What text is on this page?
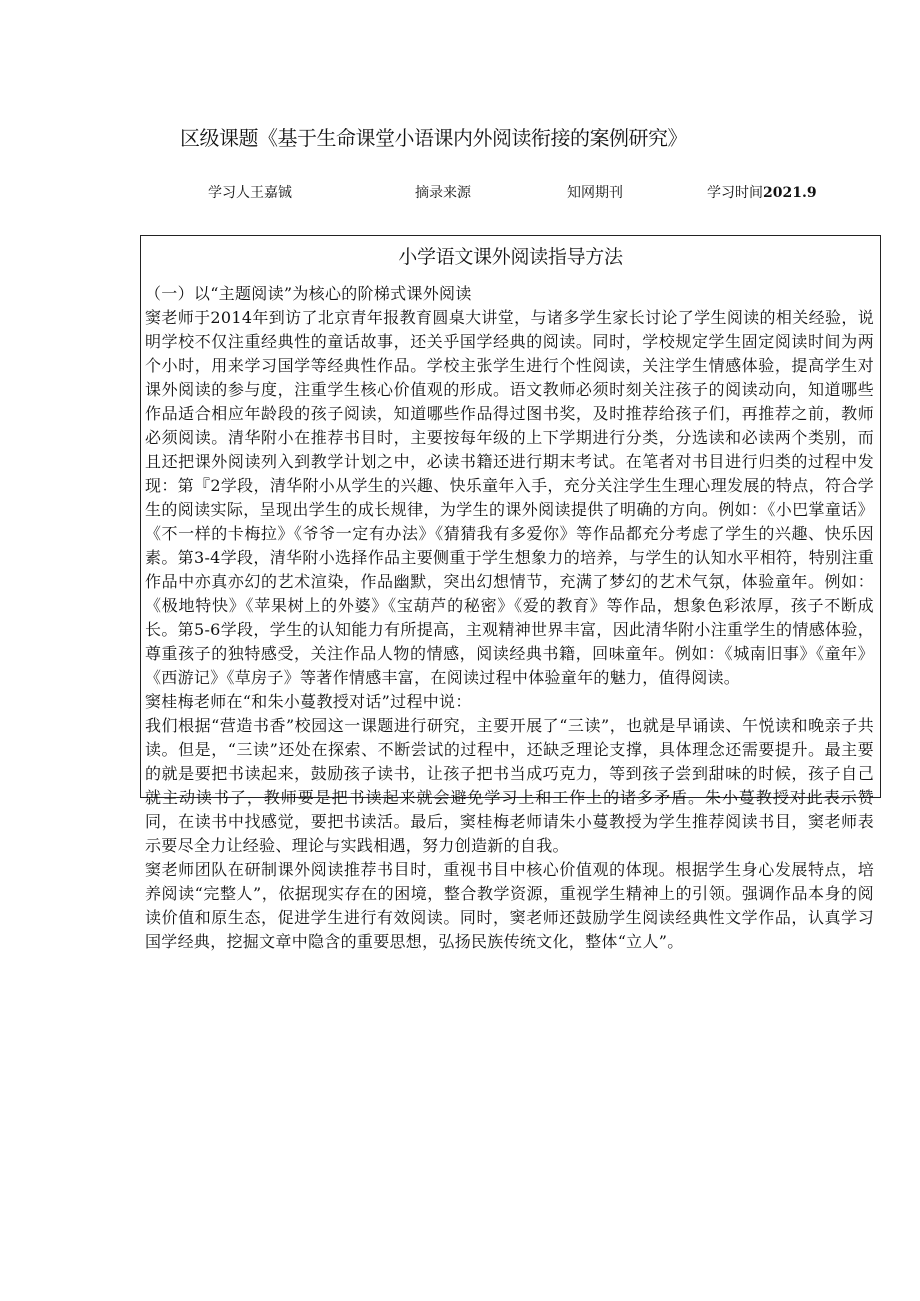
区级课题《基于生命课堂小语课内外阅读衔接的案例研究》
学习人王嘉铖	摘录来源	知网期刊	学习时间2021.9
小学语文课外阅读指导方法

（一）以“主题阅读”为核心的阶梯式课外阅读

窦老师于2014年到访了北京青年报教育圆桌大讲堂，与诸多学生家长讨论了学生阅读的相关经验，说明学校不仅注重经典性的童话故事，还关乎国学经典的阅读。同时，学校规定学生固定阅读时间为两个小时，用来学习国学等经典性作品。学校主张学生进行个性阅读，关注学生情感体验，提高学生对课外阅读的参与度，注重学生核心价值观的形成。语文教师必须时刻关注孩子的阅读动向，知道哪些作品适合相应年龄段的孩子阅读，知道哪些作品得过图书奖，及时推荐给孩子们，再推荐之前，教师必须阅读。清华附小在推荐书目时，主要按每年级的上下学期进行分类，分选读和必读两个类别，而且还把课外阅读列入到教学计划之中，必读书籍还进行期末考试。在笔者对书目进行归类的过程中发现：第『2学段，清华附小从学生的兴趣、快乐童年入手，充分关注学生生理心理发展的特点，符合学生的阅读实际，呈现出学生的成长规律，为学生的课外阅读提供了明确的方向。例如：《小巴掌童话》《不一样的卡梅拉》《爷爷一定有办法》《猜猜我有多爱你》等作品都充分考虑了学生的兴趣、快乐因素。第3-4学段，清华附小选择作品主要侧重于学生想象力的培养，与学生的认知水平相符，特别注重作品中亦真亦幻的艺术渲染，作品幽默，突出幻想情节，充满了梦幻的艺术气氛，体验童年。例如：《极地特快》《苹果树上的外婆》《宝葫芦的秘密》《爱的教育》等作品，想象色彩浓厚，孩子不断成长。第5-6学段，学生的认知能力有所提高，主观精神世界丰富，因此清华附小注重学生的情感体验，尊重孩子的独特感受，关注作品人物的情感，阅读经典书籍，回味童年。例如：《城南旧事》《童年》《西游记》《草房子》等著作情感丰富，在阅读过程中体验童年的魅力，值得阅读。

窦桂梅老师在“和朱小蔓教授对话”过程中说：

我们根据“营造书香”校园这一课题进行研究，主要开展了“三读”，也就是早诵读、午悦读和晚亲子共读。但是，“三读”还处在探索、不断尝试的过程中，还缺乏理论支撑，具体理念还需要提升。最主要的就是要把书读起来，鼓励孩子读书，让孩子把书当成巧克力，等到孩子尝到甜味的时候，孩子自己就主动读书了，教师要是把书读起来就会避免学习上和工作上的诸多矛盾。朱小蔓教授对此表示赞同，在读书中找感觉，要把书读活。最后，窦桂梅老师请朱小蔓教授为学生推荐阅读书目，窦老师表示要尽全力让经验、理论与实践相遇，努力创造新的自我。

窦老师团队在研制课外阅读推荐书目时，重视书目中核心价值观的体现。根据学生身心发展特点，培养阅读“完整人”，依据现实存在的困境，整合教学资源，重视学生精神上的引领。强调作品本身的阅读价值和原生态，促进学生进行有效阅读。同时，窦老师还鼓励学生阅读经典性文学作品，认真学习国学经典，挖掘文章中隐含的重要思想，弘扬民族传统文化，整体“立人”。
